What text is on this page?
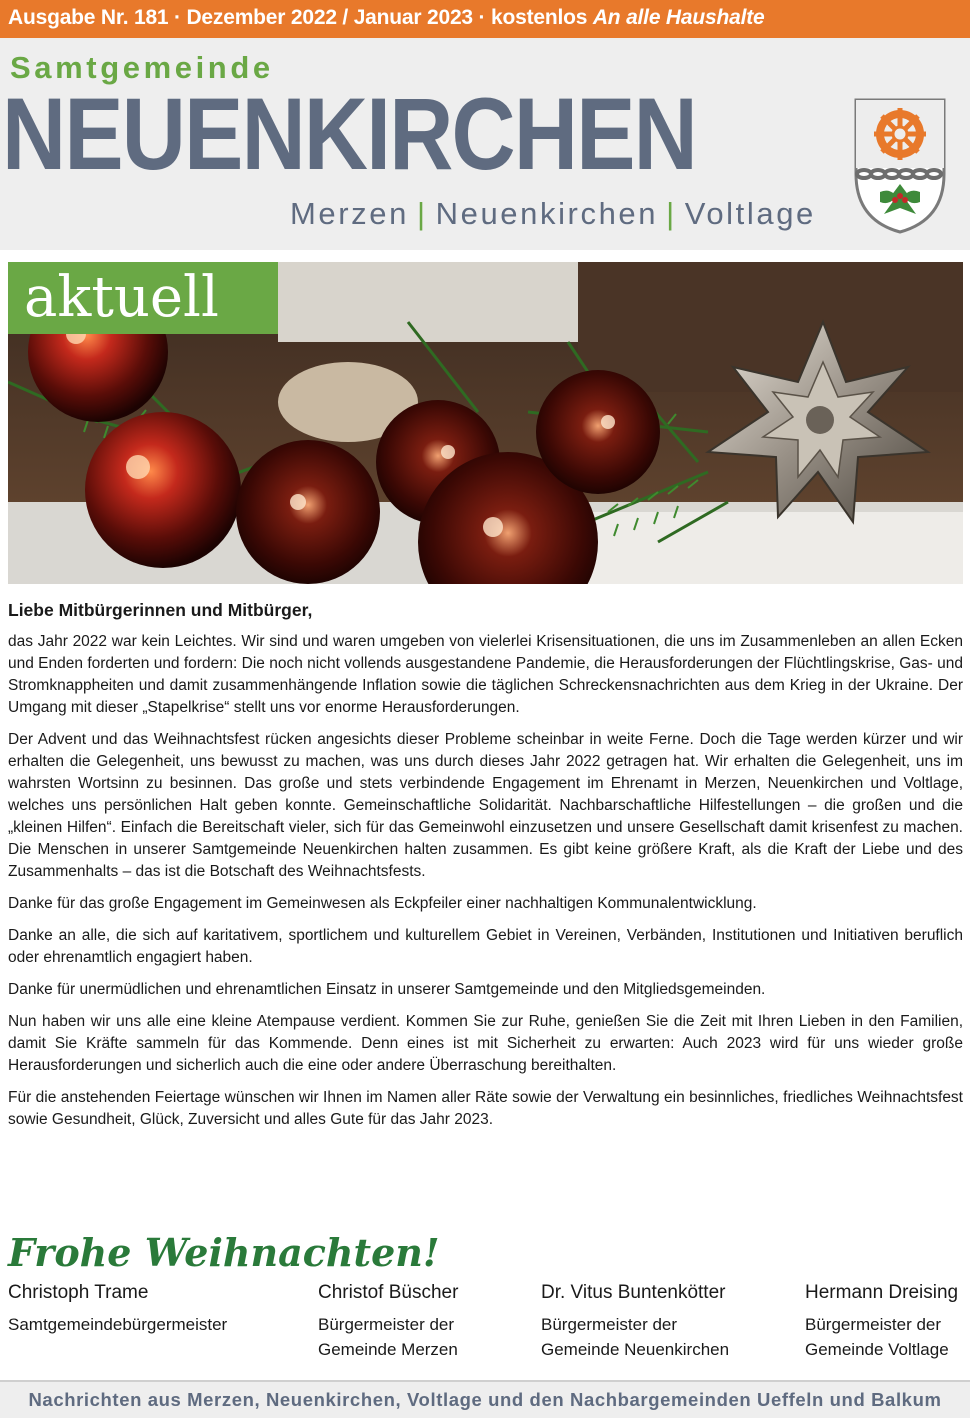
Ausgabe Nr. 181 · Dezember 2022 / Januar 2023 · kostenlos An alle Haushalte
Samtgemeinde
NEUENKIRCHEN
Merzen | Neuenkirchen | Voltlage
aktuell
Liebe Mitbürgerinnen und Mitbürger,

das Jahr 2022 war kein Leichtes. Wir sind und waren umgeben von vielerlei Krisensituationen, die uns im Zusammenleben an allen Ecken und Enden forderten und fordern: Die noch nicht vollends ausgestandene Pandemie, die Herausforderungen der Flüchtlingskrise, Gas- und Stromknappheiten und damit zusammenhängende Inflation sowie die täglichen Schreckensnachrichten aus dem Krieg in der Ukraine. Der Umgang mit dieser „Stapelkrise“ stellt uns vor enorme Herausforderungen.

Der Advent und das Weihnachtsfest rücken angesichts dieser Probleme scheinbar in weite Ferne. Doch die Tage werden kürzer und wir erhalten die Gelegenheit, uns bewusst zu machen, was uns durch dieses Jahr 2022 getragen hat. Wir erhalten die Gelegenheit, uns im wahrsten Wortsinn zu besinnen. Das große und stets verbindende Engagement im Ehrenamt in Merzen, Neuenkirchen und Voltlage, welches uns persönlichen Halt geben konnte. Gemeinschaftliche Solidarität. Nachbarschaftliche Hilfestellungen – die großen und die „kleinen Hilfen“. Einfach die Bereitschaft vieler, sich für das Gemeinwohl einzusetzen und unsere Gesellschaft damit krisenfest zu machen. Die Menschen in unserer Samtgemeinde Neuenkirchen halten zusammen. Es gibt keine größere Kraft, als die Kraft der Liebe und des Zusammenhalts – das ist die Botschaft des Weihnachtsfests.

Danke für das große Engagement im Gemeinwesen als Eckpfeiler einer nachhaltigen Kommunalentwicklung.

Danke an alle, die sich auf karitativem, sportlichem und kulturellem Gebiet in Vereinen, Verbänden, Institutionen und Initiativen beruflich oder ehrenamtlich engagiert haben.

Danke für unermüdlichen und ehrenamtlichen Einsatz in unserer Samtgemeinde und den Mitgliedsgemeinden.

Nun haben wir uns alle eine kleine Atempause verdient. Kommen Sie zur Ruhe, genießen Sie die Zeit mit Ihren Lieben in den Familien, damit Sie Kräfte sammeln für das Kommende. Denn eines ist mit Sicherheit zu erwarten: Auch 2023 wird für uns wieder große Herausforderungen und sicherlich auch die eine oder andere Überraschung bereithalten.

Für die anstehenden Feiertage wünschen wir Ihnen im Namen aller Räte sowie der Verwaltung ein besinnliches, friedliches Weihnachtsfest sowie Gesundheit, Glück, Zuversicht und alles Gute für das Jahr 2023.

Frohe Weihnachten!
Christoph Trame
Samtgemeindebürgermeister
Christof Büscher
Bürgermeister der
Gemeinde Merzen
Dr. Vitus Buntenkötter
Bürgermeister der
Gemeinde Neuenkirchen
Hermann Dreising
Bürgermeister der
Gemeinde Voltlage
Nachrichten aus Merzen, Neuenkirchen, Voltlage und den Nachbargemeinden Ueffeln und Balkum
